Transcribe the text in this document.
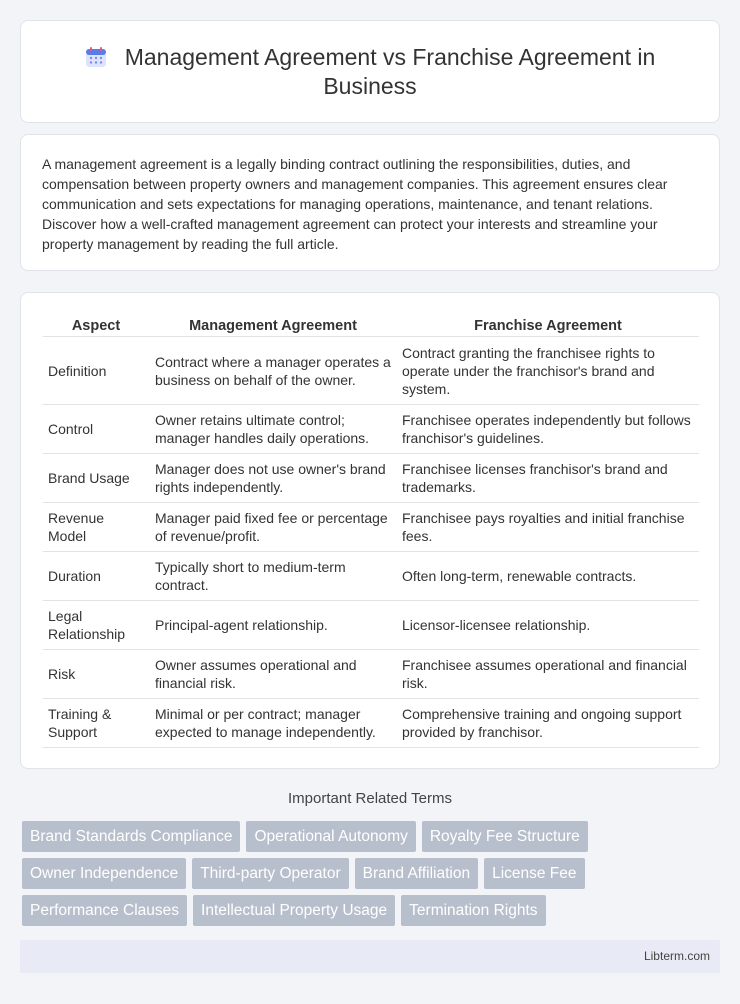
Management Agreement vs Franchise Agreement in Business

A management agreement is a legally binding contract outlining the responsibilities, duties, and compensation between property owners and management companies. This agreement ensures clear communication and sets expectations for managing operations, maintenance, and tenant relations. Discover how a well-crafted management agreement can protect your interests and streamline your property management by reading the full article.

Aspect	Management Agreement	Franchise Agreement
Definition	Contract where a manager operates a business on behalf of the owner.	Contract granting the franchisee rights to operate under the franchisor's brand and system.
Control	Owner retains ultimate control; manager handles daily operations.	Franchisee operates independently but follows franchisor's guidelines.
Brand Usage	Manager does not use owner's brand rights independently.	Franchisee licenses franchisor's brand and trademarks.
Revenue Model	Manager paid fixed fee or percentage of revenue/profit.	Franchisee pays royalties and initial franchise fees.
Duration	Typically short to medium-term contract.	Often long-term, renewable contracts.
Legal Relationship	Principal-agent relationship.	Licensor-licensee relationship.
Risk	Owner assumes operational and financial risk.	Franchisee assumes operational and financial risk.
Training & Support	Minimal or per contract; manager expected to manage independently.	Comprehensive training and ongoing support provided by franchisor.
Important Related Terms
Brand Standards Compliance	Operational Autonomy	Royalty Fee Structure
Owner Independence	Third-party Operator	Brand Affiliation	License Fee
Performance Clauses	Intellectual Property Usage	Termination Rights
Libterm.com
